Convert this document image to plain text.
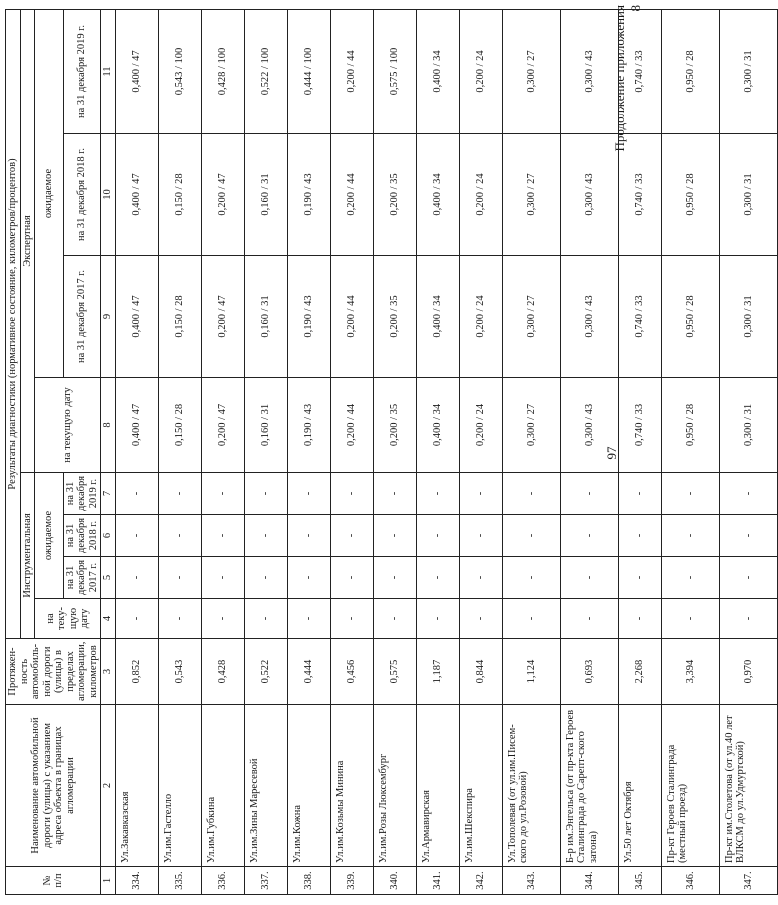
97
Продолжение приложения 8
№ п/п	Наименование автомобильной дороги (улицы) с указанием адреса объекта в границах агломерации	Протяжен-ность автомобиль-ной дороги (улицы) в пределах агломерации, километров	Результаты диагностики (нормативное состояние, километров/процентов)							
			Инструментальная				Экспертная			
			на теку-щую дату	ожидаемое			на текущую дату	ожидаемое		
				на 31 декабря 2017 г.	на 31 декабря 2018 г.	на 31 декабря 2019 г.		на 31 декабря 2017 г.	на 31 декабря 2018 г.	на 31 декабря 2019 г.
1	2	3	4	5	6	7	8	9	10	11
334.	Ул.Закавказская	0,852	-	-	-	-	0,400 / 47	0,400 / 47	0,400 / 47	0,400 / 47
335.	Ул.им.Гастелло	0,543	-	-	-	-	0,150 / 28	0,150 / 28	0,150 / 28	0,543 / 100
336.	Ул.им.Губкина	0,428	-	-	-	-	0,200 / 47	0,200 / 47	0,200 / 47	0,428 / 100
337.	Ул.им.Зины Маресевой	0,522	-	-	-	-	0,160 / 31	0,160 / 31	0,160 / 31	0,522 / 100
338.	Ул.им.Кожна	0,444	-	-	-	-	0,190 / 43	0,190 / 43	0,190 / 43	0,444 / 100
339.	Ул.им.Козьмы Минина	0,456	-	-	-	-	0,200 / 44	0,200 / 44	0,200 / 44	0,200 / 44
340.	Ул.им.Розы Люксембург	0,575	-	-	-	-	0,200 / 35	0,200 / 35	0,200 / 35	0,575 / 100
341.	Ул.Армавирская	1,187	-	-	-	-	0,400 / 34	0,400 / 34	0,400 / 34	0,400 / 34
342.	Ул.им.Шекспира	0,844	-	-	-	-	0,200 / 24	0,200 / 24	0,200 / 24	0,200 / 24
343.	Ул.Тополевая (от ул.им.Писем-ского до ул.Розовой)	1,124	-	-	-	-	0,300 / 27	0,300 / 27	0,300 / 27	0,300 / 27
344.	Б-р им.Энгельса (от пр-кта Героев Сталинграда до Сарепт-ского затона)	0,693	-	-	-	-	0,300 / 43	0,300 / 43	0,300 / 43	0,300 / 43
345.	Ул.50 лет Октября	2,268	-	-	-	-	0,740 / 33	0,740 / 33	0,740 / 33	0,740 / 33
346.	Пр-кт Героев Сталинграда (местный проезд)	3,394	-	-	-	-	0,950 / 28	0,950 / 28	0,950 / 28	0,950 / 28
347.	Пр-кт им.Столетова (от ул.40 лет ВЛКСМ до ул.Удмуртской)	0,970	-	-	-	-	0,300 / 31	0,300 / 31	0,300 / 31	0,300 / 31
